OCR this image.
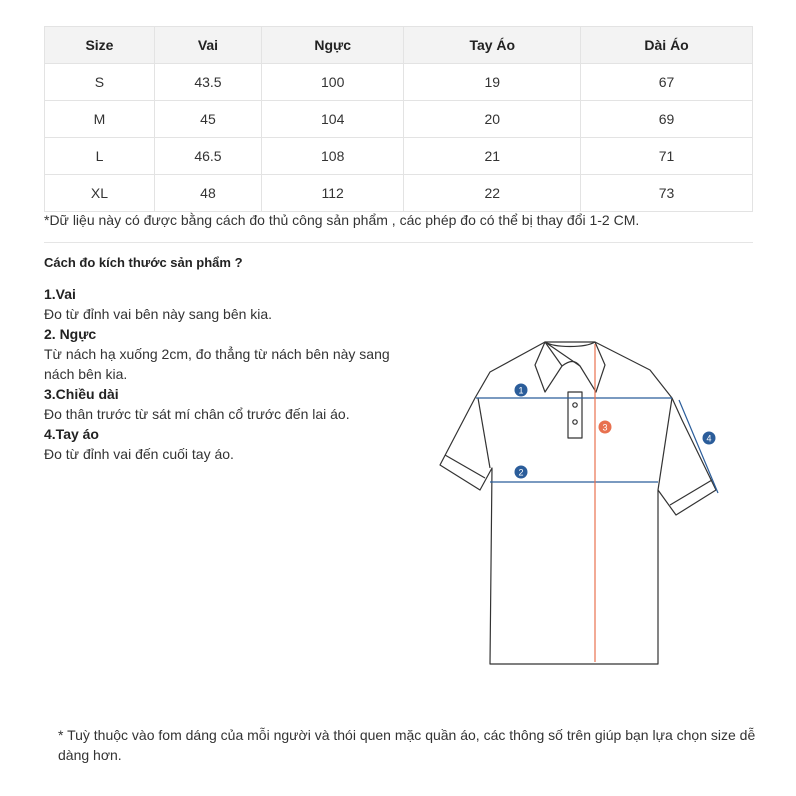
Size	Vai	Ngực	Tay Áo	Dài Áo
S	43.5	100	19	67
M	45	104	20	69
L	46.5	108	21	71
XL	48	112	22	73
*Dữ liệu này có được bằng cách đo thủ công sản phẩm , các phép đo có thể bị thay đổi 1-2 CM.
Cách đo kích thước sản phẩm ?
1.Vai
Đo từ đỉnh vai bên này sang bên kia.
2. Ngực
Từ nách hạ xuống 2cm, đo thẳng từ nách bên này sang nách bên kia.
3.Chiều dài
Đo thân trước từ sát mí chân cổ trước đến lai áo.
4.Tay áo
Đo từ đỉnh vai đến cuối tay áo.
1
2
3
4
* Tuỳ thuộc vào fom dáng của mỗi người và thói quen mặc quần áo, các thông số trên giúp bạn lựa chọn size dễ dàng hơn.
